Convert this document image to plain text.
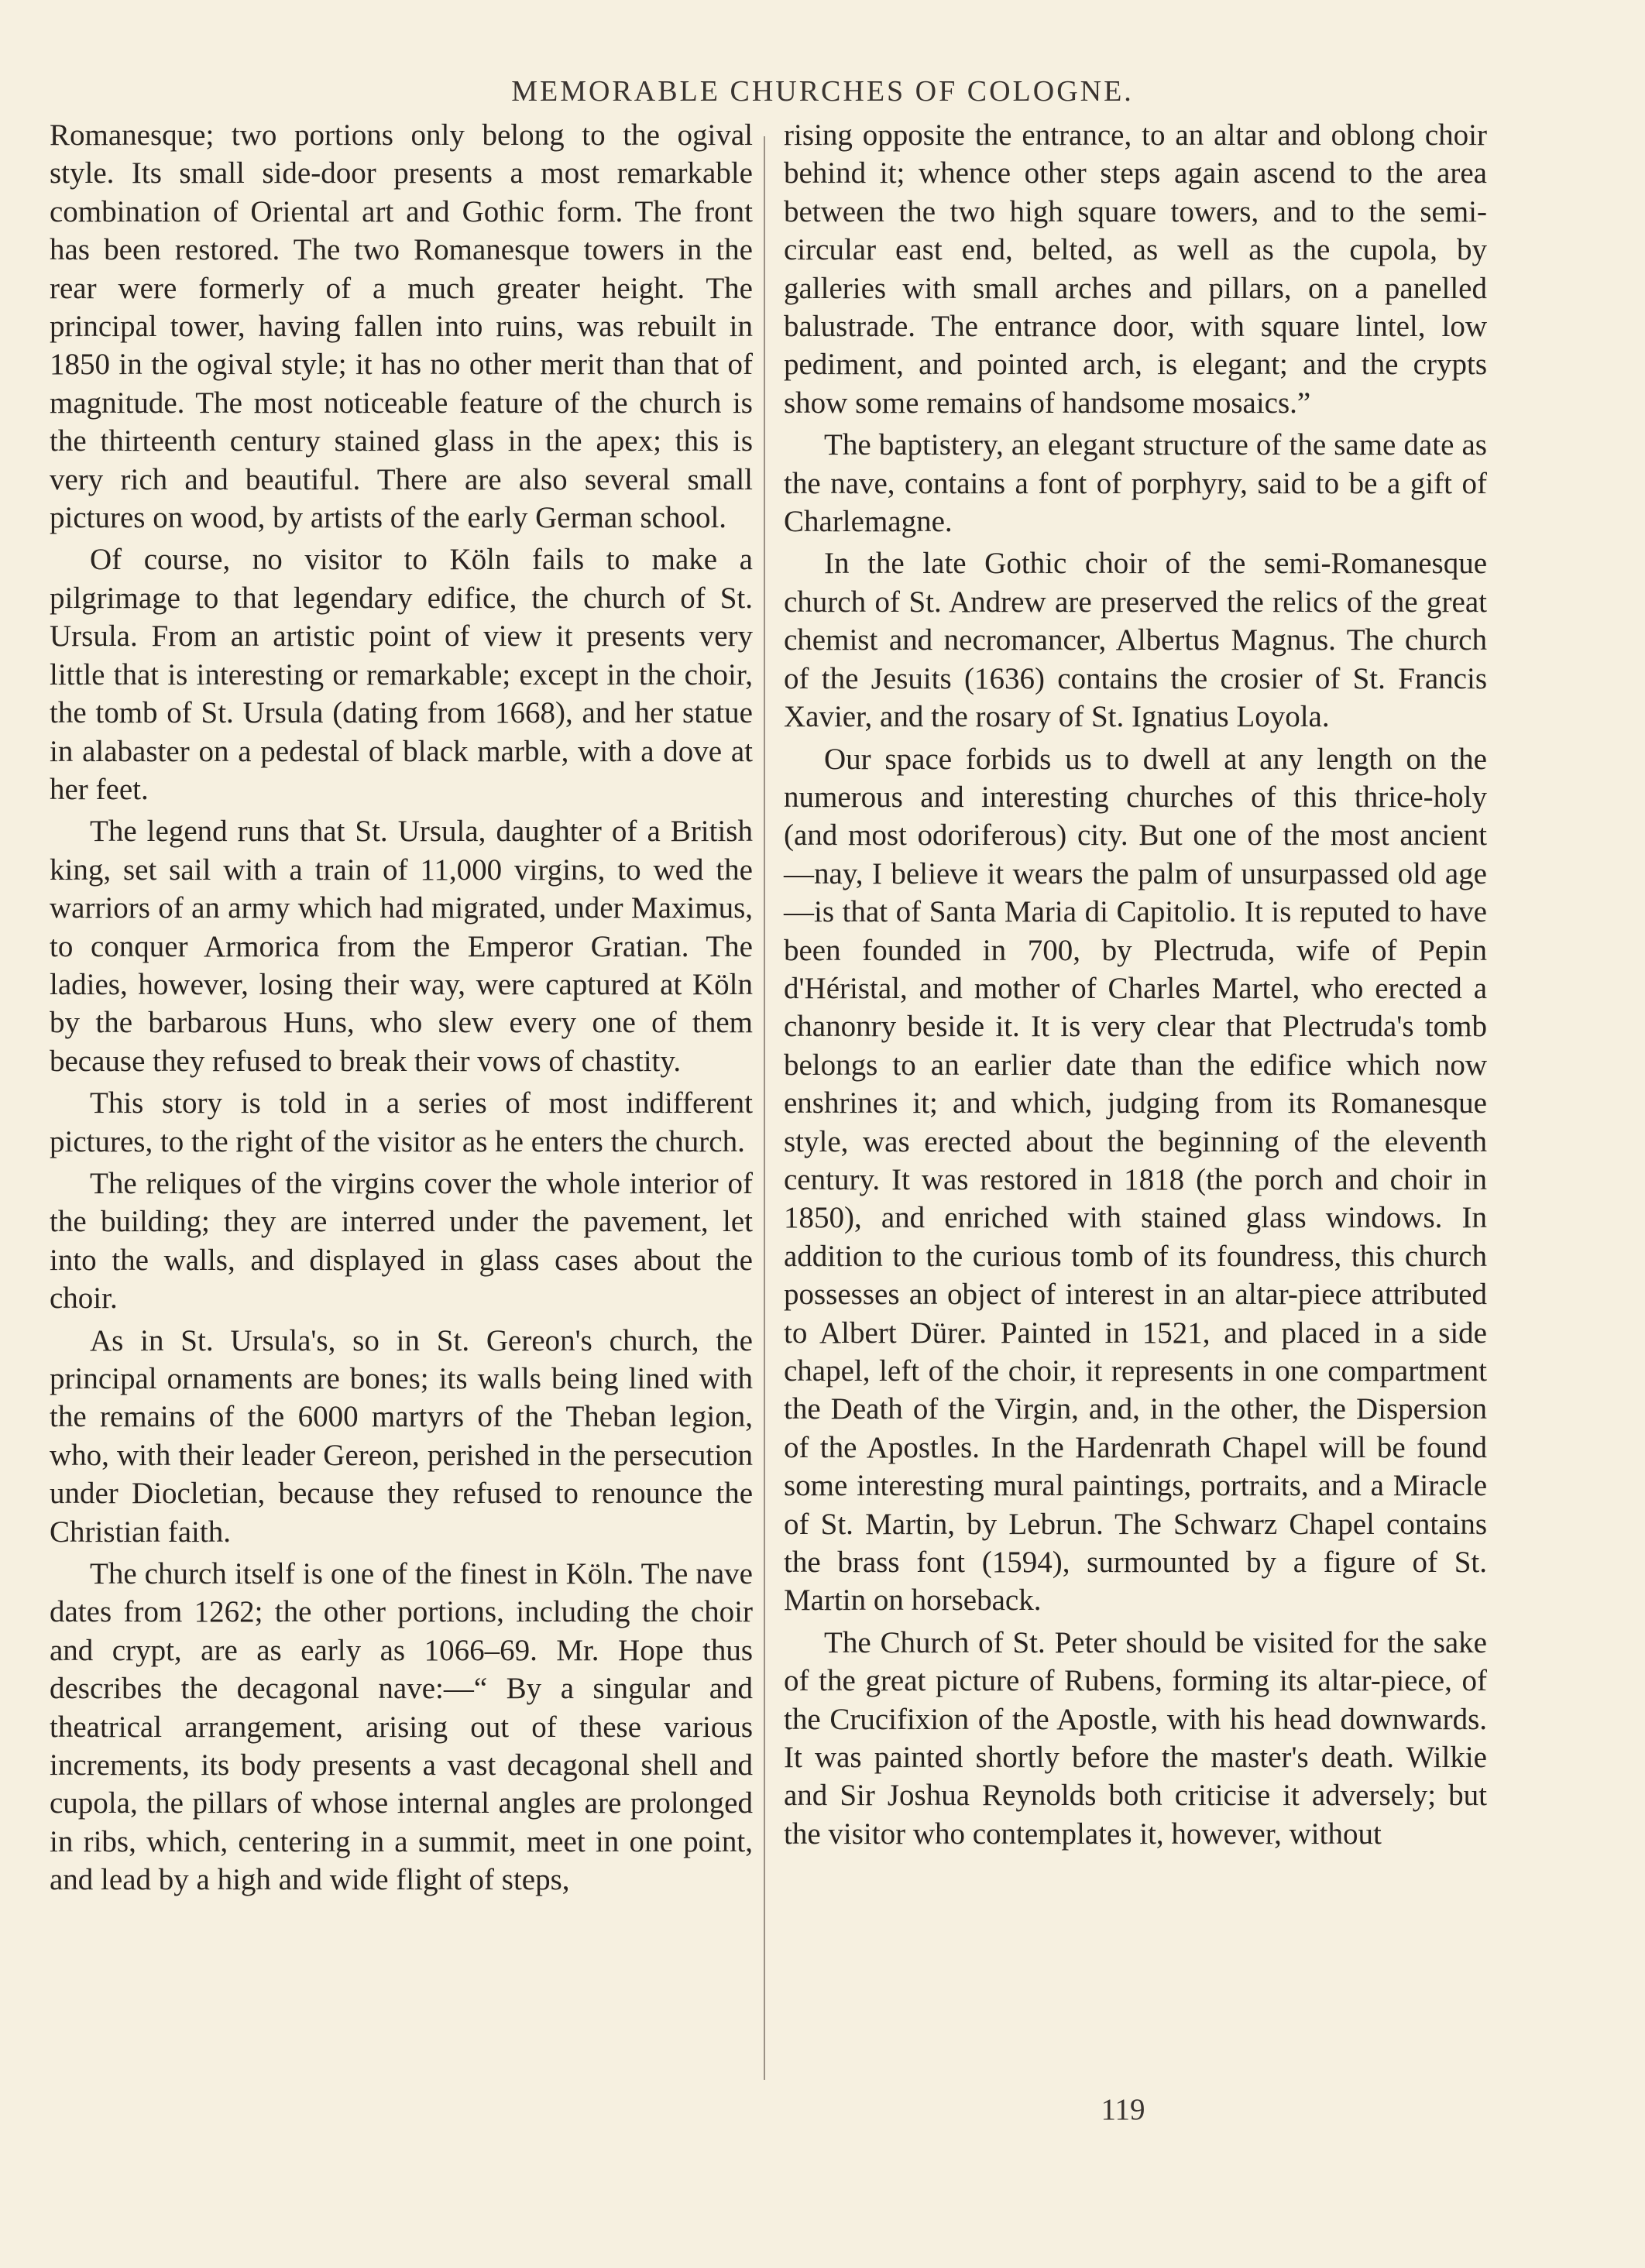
MEMORABLE CHURCHES OF COLOGNE.

Romanesque; two portions only belong to the ogival style. Its small side-door presents a most remarkable combination of Oriental art and Gothic form. The front has been restored. The two Romanesque towers in the rear were formerly of a much greater height. The principal tower, having fallen into ruins, was rebuilt in 1850 in the ogival style; it has no other merit than that of magnitude. The most noticeable feature of the church is the thirteenth century stained glass in the apex; this is very rich and beautiful. There are also several small pictures on wood, by artists of the early German school.

Of course, no visitor to Köln fails to make a pilgrimage to that legendary edifice, the church of St. Ursula. From an artistic point of view it presents very little that is interesting or remarkable; except in the choir, the tomb of St. Ursula (dating from 1668), and her statue in alabaster on a pedestal of black marble, with a dove at her feet.

The legend runs that St. Ursula, daughter of a British king, set sail with a train of 11,000 virgins, to wed the warriors of an army which had migrated, under Maximus, to conquer Armorica from the Emperor Gratian. The ladies, however, losing their way, were captured at Köln by the barbarous Huns, who slew every one of them because they refused to break their vows of chastity.

This story is told in a series of most indifferent pictures, to the right of the visitor as he enters the church.

The reliques of the virgins cover the whole interior of the building; they are interred under the pavement, let into the walls, and displayed in glass cases about the choir.

As in St. Ursula's, so in St. Gereon's church, the principal ornaments are bones; its walls being lined with the remains of the 6000 martyrs of the Theban legion, who, with their leader Gereon, perished in the persecution under Diocletian, because they refused to renounce the Christian faith.

The church itself is one of the finest in Köln. The nave dates from 1262; the other portions, including the choir and crypt, are as early as 1066–69. Mr. Hope thus describes the decagonal nave:—“ By a singular and theatrical arrangement, arising out of these various increments, its body presents a vast decagonal shell and cupola, the pillars of whose internal angles are prolonged in ribs, which, centering in a summit, meet in one point, and lead by a high and wide flight of steps,

rising opposite the entrance, to an altar and oblong choir behind it; whence other steps again ascend to the area between the two high square towers, and to the semi-circular east end, belted, as well as the cupola, by galleries with small arches and pillars, on a panelled balustrade. The entrance door, with square lintel, low pediment, and pointed arch, is elegant; and the crypts show some remains of handsome mosaics.”

The baptistery, an elegant structure of the same date as the nave, contains a font of porphyry, said to be a gift of Charlemagne.

In the late Gothic choir of the semi-Romanesque church of St. Andrew are preserved the relics of the great chemist and necromancer, Albertus Magnus. The church of the Jesuits (1636) contains the crosier of St. Francis Xavier, and the rosary of St. Ignatius Loyola.

Our space forbids us to dwell at any length on the numerous and interesting churches of this thrice-holy (and most odoriferous) city. But one of the most ancient—nay, I believe it wears the palm of unsurpassed old age—is that of Santa Maria di Capitolio. It is reputed to have been founded in 700, by Plectruda, wife of Pepin d'Héristal, and mother of Charles Martel, who erected a chanonry beside it. It is very clear that Plectruda's tomb belongs to an earlier date than the edifice which now enshrines it; and which, judging from its Romanesque style, was erected about the beginning of the eleventh century. It was restored in 1818 (the porch and choir in 1850), and enriched with stained glass windows. In addition to the curious tomb of its foundress, this church possesses an object of interest in an altar-piece attributed to Albert Dürer. Painted in 1521, and placed in a side chapel, left of the choir, it represents in one compartment the Death of the Virgin, and, in the other, the Dispersion of the Apostles. In the Hardenrath Chapel will be found some interesting mural paintings, portraits, and a Miracle of St. Martin, by Lebrun. The Schwarz Chapel contains the brass font (1594), surmounted by a figure of St. Martin on horseback.

The Church of St. Peter should be visited for the sake of the great picture of Rubens, forming its altar-piece, of the Crucifixion of the Apostle, with his head downwards. It was painted shortly before the master's death. Wilkie and Sir Joshua Reynolds both criticise it adversely; but the visitor who contemplates it, however, without

119
